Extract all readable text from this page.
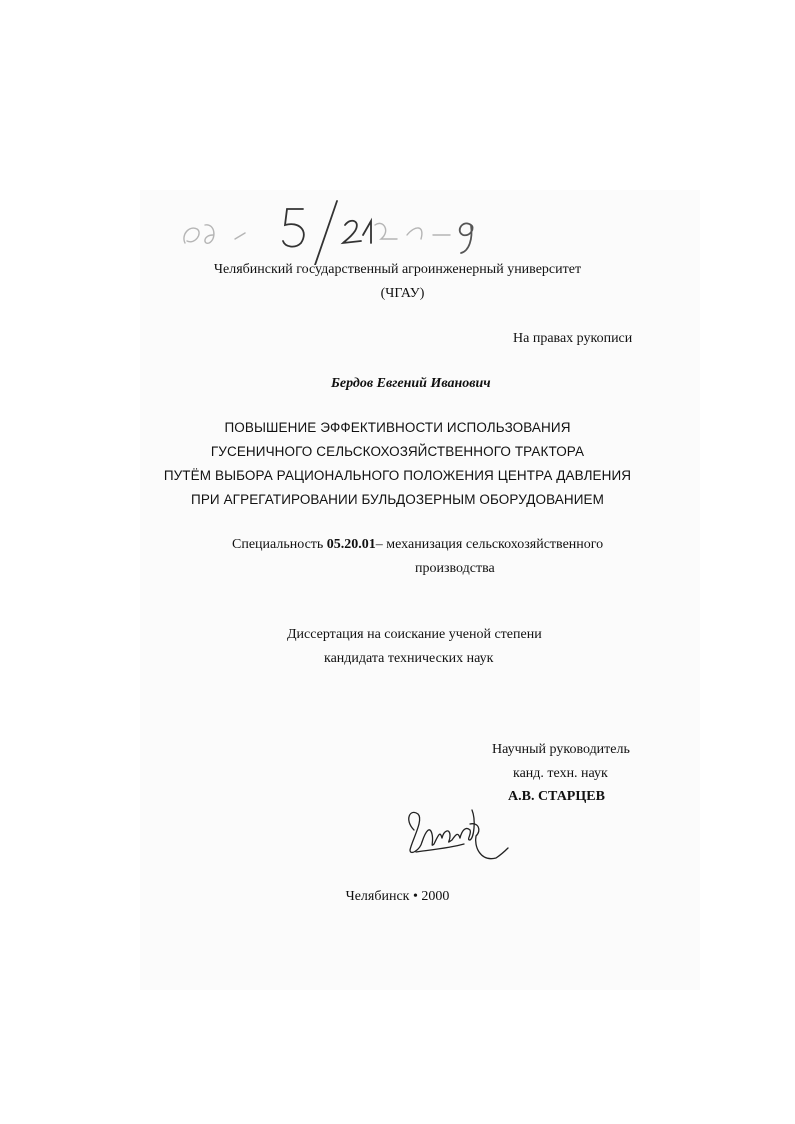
Челябинский государственный агроинженерный университет
(ЧГАУ)
На правах рукописи
Бердов Евгений Иванович
ПОВЫШЕНИЕ ЭФФЕКТИВНОСТИ ИСПОЛЬЗОВАНИЯ
ГУСЕНИЧНОГО СЕЛЬСКОХОЗЯЙСТВЕННОГО ТРАКТОРА
ПУТЁМ ВЫБОРА РАЦИОНАЛЬНОГО ПОЛОЖЕНИЯ ЦЕНТРА ДАВЛЕНИЯ
ПРИ АГРЕГАТИРОВАНИИ БУЛЬДОЗЕРНЫМ ОБОРУДОВАНИЕМ
Специальность 05.20.01– механизация сельскохозяйственного
производства
Диссертация на соискание ученой степени
кандидата технических наук
Научный руководитель
канд. техн. наук
А.В. СТАРЦЕВ
Челябинск • 2000
